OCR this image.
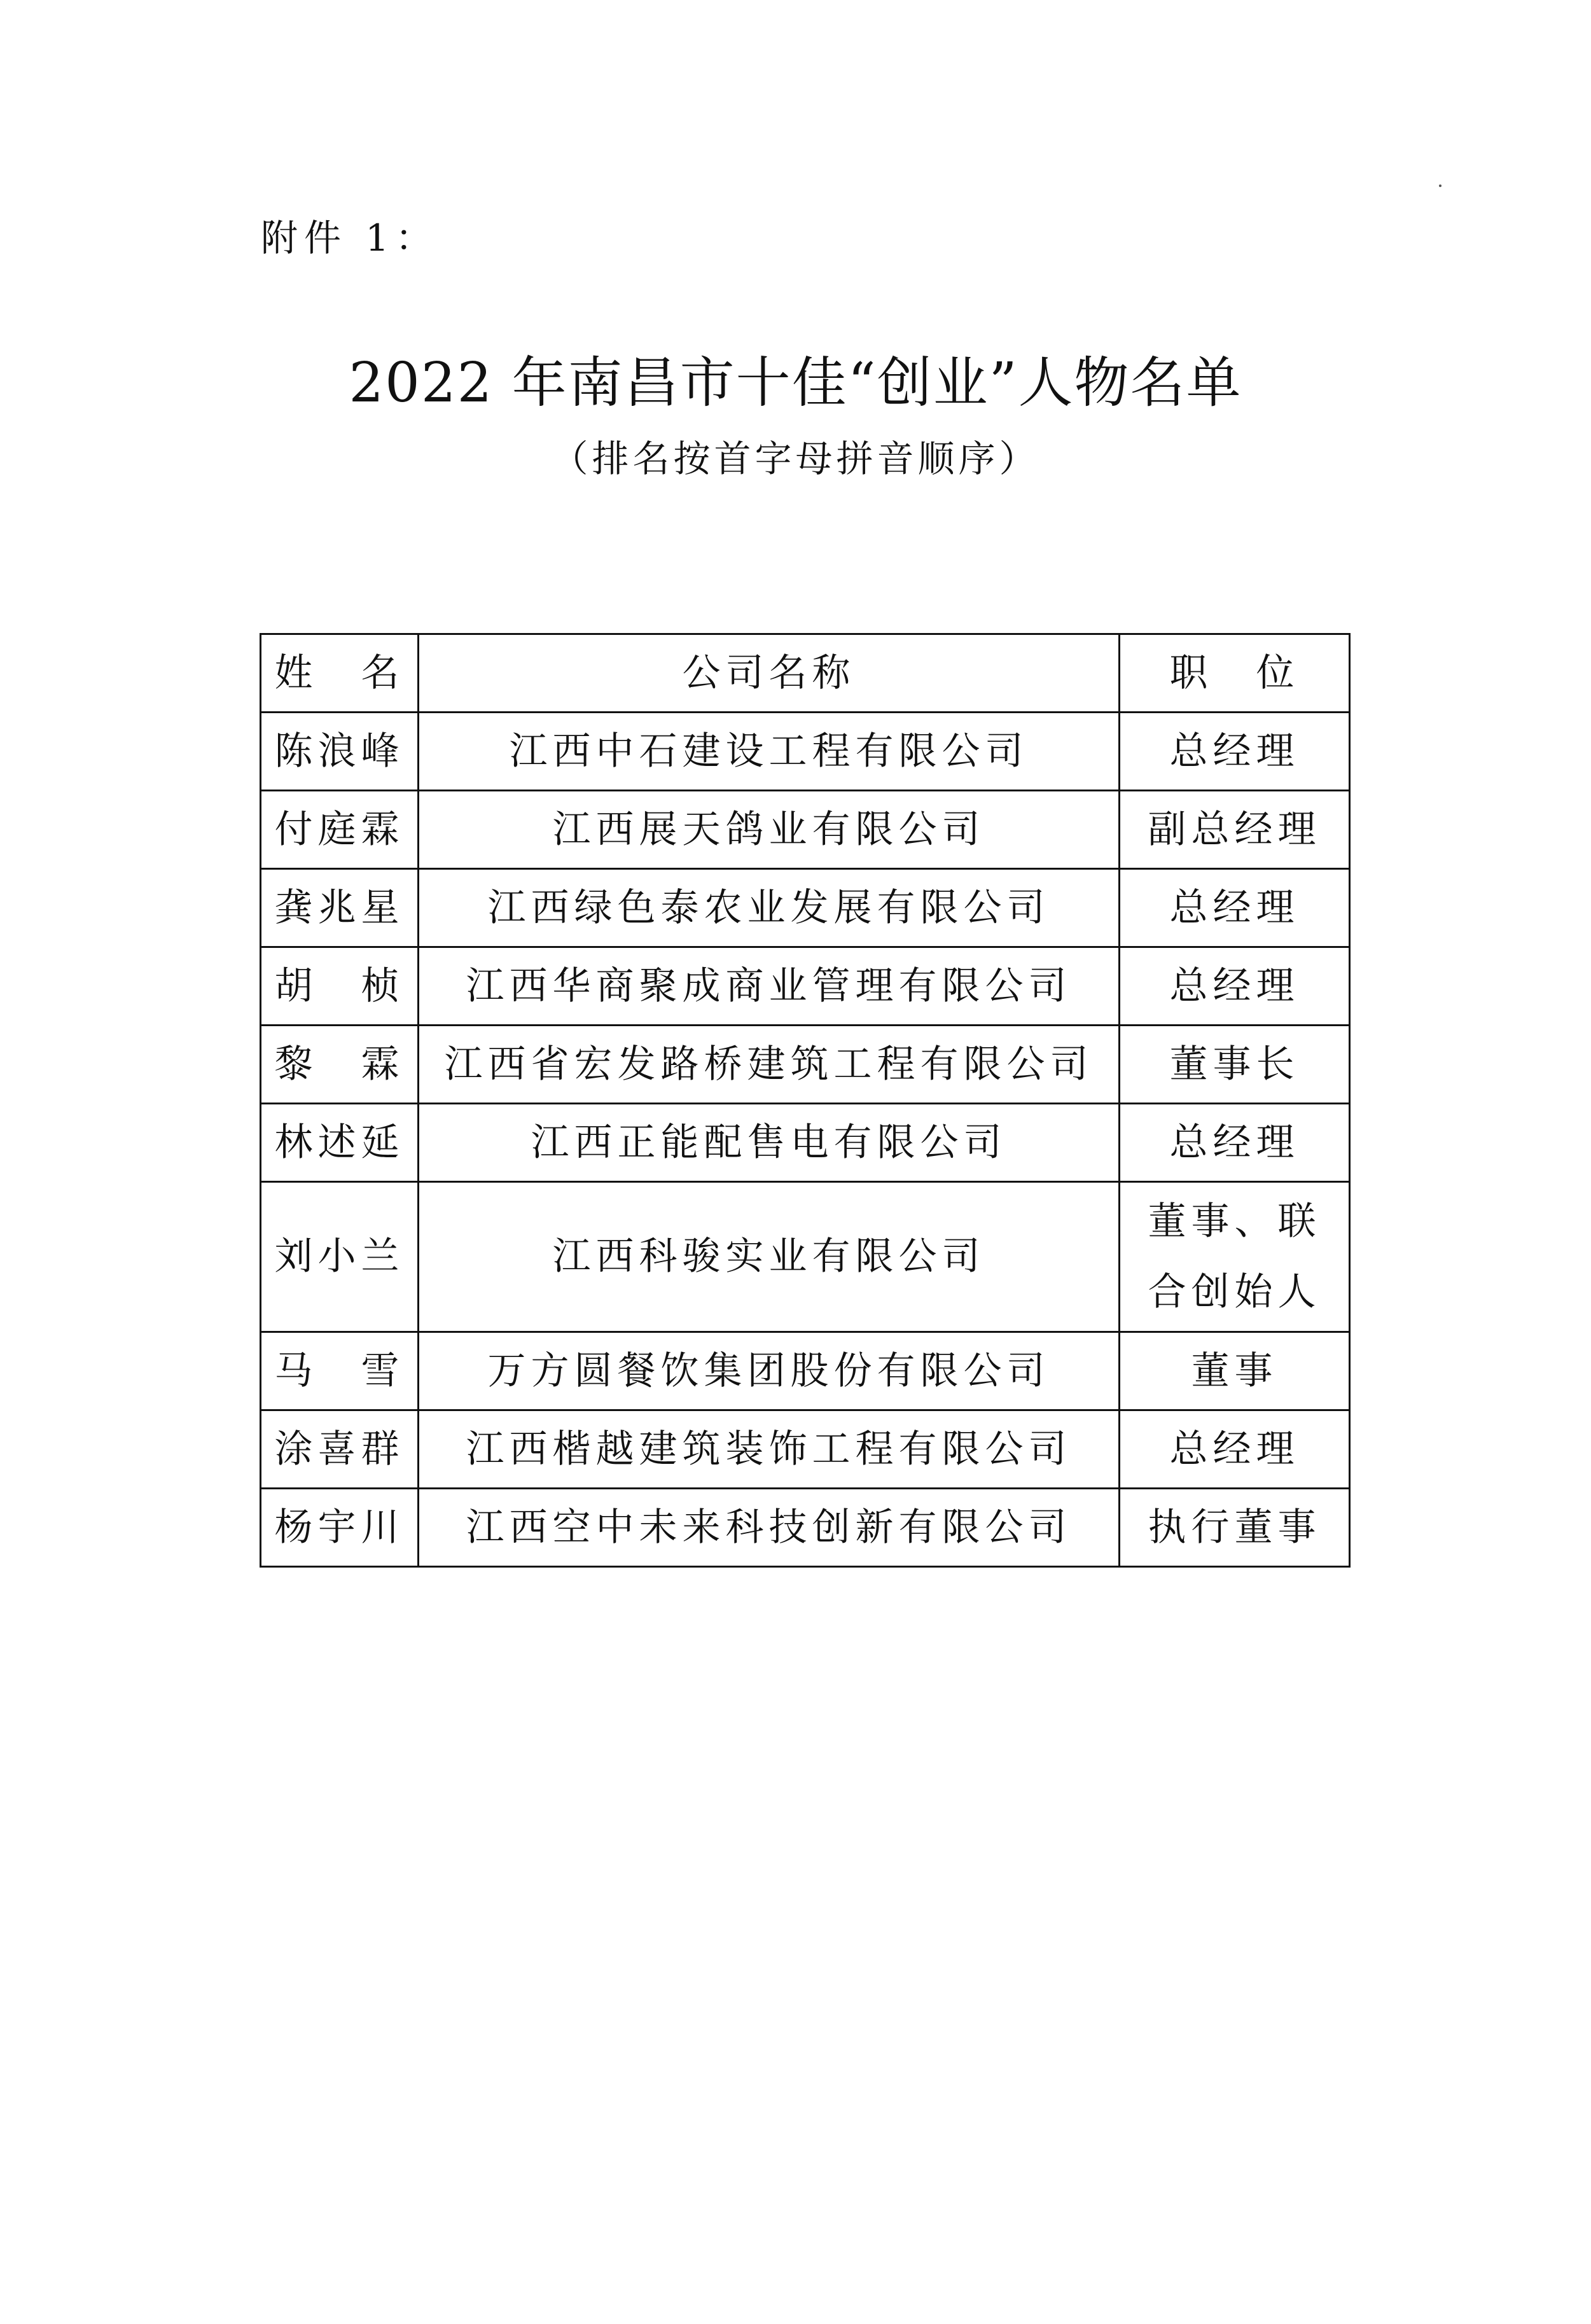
附件 1：
2022 年南昌市十佳“创业”人物名单
（排名按首字母拼音顺序）
姓　名	公司名称	职　位
陈浪峰	江西中石建设工程有限公司	总经理
付庭霖	江西展天鸽业有限公司	副总经理
龚兆星	江西绿色泰农业发展有限公司	总经理
胡　桢	江西华商聚成商业管理有限公司	总经理
黎　霖	江西省宏发路桥建筑工程有限公司	董事长
林述延	江西正能配售电有限公司	总经理
刘小兰	江西科骏实业有限公司	董事、联合创始人
马　雪	万方圆餐饮集团股份有限公司	董事
涂喜群	江西楷越建筑装饰工程有限公司	总经理
杨宇川	江西空中未来科技创新有限公司	执行董事
